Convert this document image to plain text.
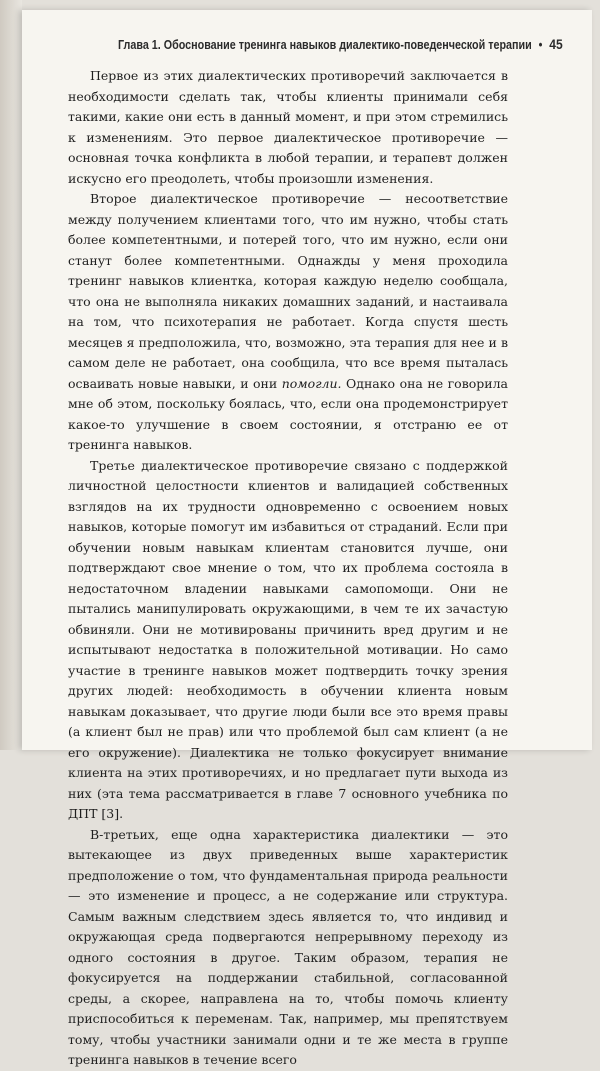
Глава 1. Обоснование тренинга навыков диалектико-поведенческой терапии • 45

Первое из этих диалектических противоречий заключается в необходимости сделать так, чтобы клиенты принимали себя такими, какие они есть в данный момент, и при этом стремились к изменениям. Это первое диалектическое противоречие — основная точка конфликта в любой терапии, и терапевт должен искусно его преодолеть, чтобы произошли изменения.

Второе диалектическое противоречие — несоответствие между получением клиентами того, что им нужно, чтобы стать более компетентными, и потерей того, что им нужно, если они станут более компетентными. Однажды у меня проходила тренинг навыков клиентка, которая каждую неделю сообщала, что она не выполняла никаких домашних заданий, и настаивала на том, что психотерапия не работает. Когда спустя шесть месяцев я предположила, что, возможно, эта терапия для нее и в самом деле не работает, она сообщила, что все время пыталась осваивать новые навыки, и они помогли. Однако она не говорила мне об этом, поскольку боялась, что, если она продемонстрирует какое-то улучшение в своем состоянии, я отстраню ее от тренинга навыков.

Третье диалектическое противоречие связано с поддержкой личностной целостности клиентов и валидацией собственных взглядов на их трудности одновременно с освоением новых навыков, которые помогут им избавиться от страданий. Если при обучении новым навыкам клиентам становится лучше, они подтверждают свое мнение о том, что их проблема состояла в недостаточном владении навыками самопомощи. Они не пытались манипулировать окружающими, в чем те их зачастую обвиняли. Они не мотивированы причинить вред другим и не испытывают недостатка в положительной мотивации. Но само участие в тренинге навыков может подтвердить точку зрения других людей: необходимость в обучении клиента новым навыкам доказывает, что другие люди были все это время правы (а клиент был не прав) или что проблемой был сам клиент (а не его окружение). Диалектика не только фокусирует внимание клиента на этих противоречиях, и но предлагает пути выхода из них (эта тема рассматривается в главе 7 основного учебника по ДПТ [3].

В-третьих, еще одна характеристика диалектики — это вытекающее из двух приведенных выше характеристик предположение о том, что фундаментальная природа реальности — это изменение и процесс, а не содержание или структура. Самым важным следствием здесь является то, что индивид и окружающая среда подвергаются непрерывному переходу из одного состояния в другое. Таким образом, терапия не фокусируется на поддержании стабильной, согласованной среды, а скорее, направлена на то, чтобы помочь клиенту приспособиться к переменам. Так, например, мы препятствуем тому, чтобы участники занимали одни и те же места в группе тренинга навыков в течение всего
